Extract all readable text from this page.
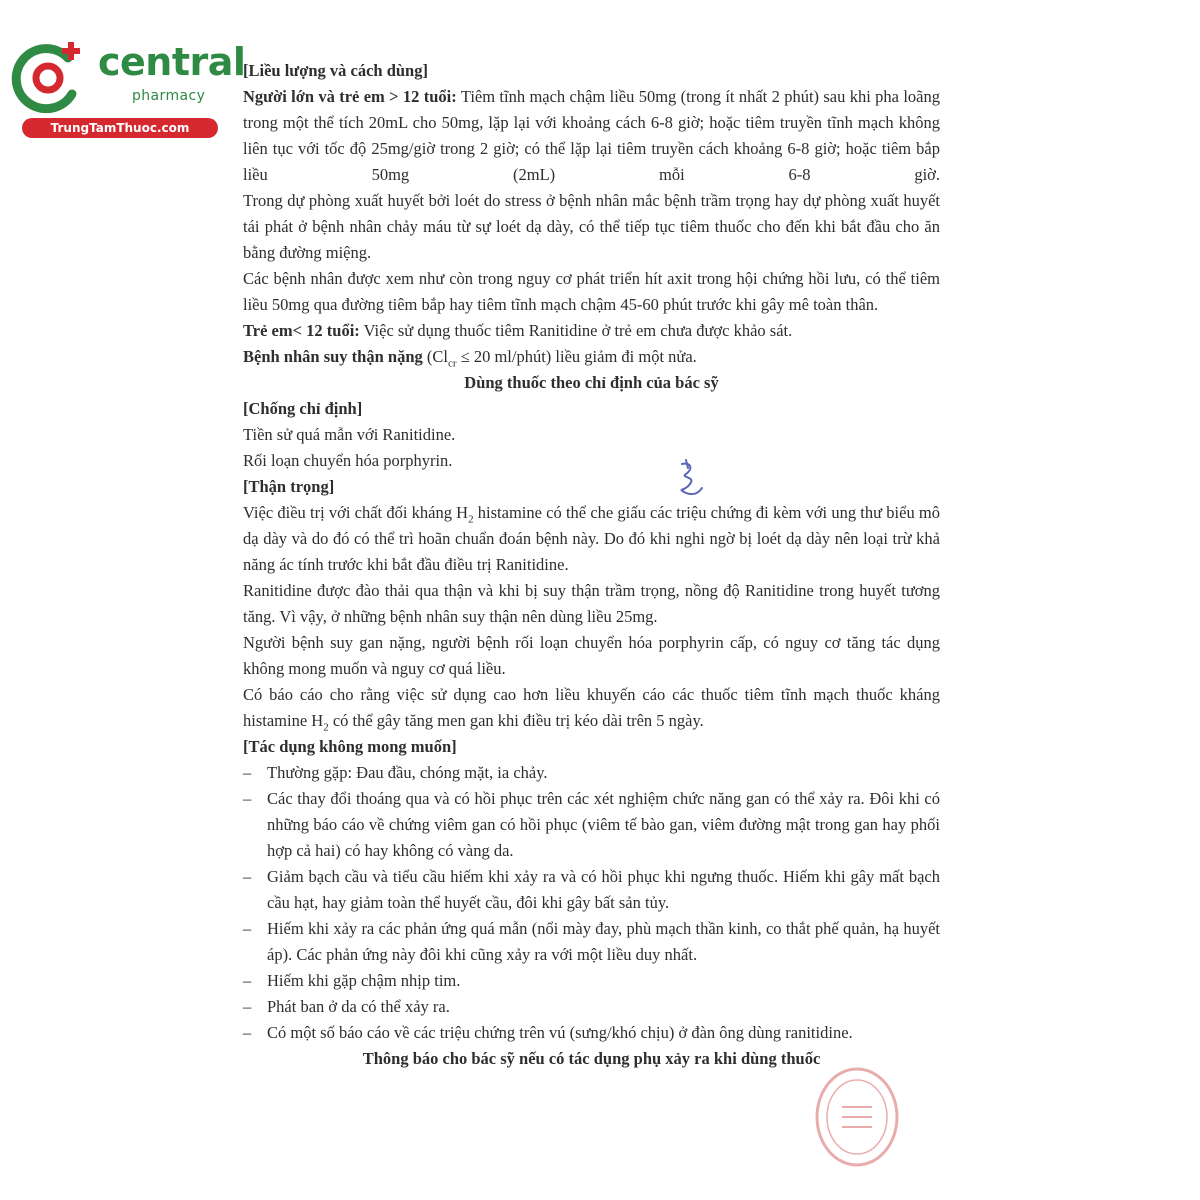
central
pharmacy
TrungTamThuoc.com

[Liều lượng và cách dùng]

Người lớn và trẻ em > 12 tuổi: Tiêm tĩnh mạch chậm liều 50mg (trong ít nhất 2 phút) sau khi pha loãng trong một thể tích 20mL cho 50mg, lặp lại với khoảng cách 6-8 giờ; hoặc tiêm truyền tĩnh mạch không liên tục với tốc độ 25mg/giờ trong 2 giờ; có thể lặp lại tiêm truyền cách khoảng 6-8 giờ; hoặc tiêm bắp liều 50mg (2mL) mỗi 6-8 giờ.

Trong dự phòng xuất huyết bởi loét do stress ở bệnh nhân mắc bệnh trầm trọng hay dự phòng xuất huyết tái phát ở bệnh nhân chảy máu từ sự loét dạ dày, có thể tiếp tục tiêm thuốc cho đến khi bắt đầu cho ăn bằng đường miệng.

Các bệnh nhân được xem như còn trong nguy cơ phát triển hít axit trong hội chứng hồi lưu, có thể tiêm liều 50mg qua đường tiêm bắp hay tiêm tĩnh mạch chậm 45-60 phút trước khi gây mê toàn thân.

Trẻ em< 12 tuổi: Việc sử dụng thuốc tiêm Ranitidine ở trẻ em chưa được khảo sát.

Bệnh nhân suy thận nặng ($Cl_{cr} \le 20$ ml/phút) liều giảm đi một nửa.

Dùng thuốc theo chỉ định của bác sỹ

[Chống chỉ định]

Tiền sử quá mẫn với Ranitidine.

Rối loạn chuyển hóa porphyrin.

[Thận trọng]

Việc điều trị với chất đối kháng $H_2$ histamine có thể che giấu các triệu chứng đi kèm với ung thư biểu mô dạ dày và do đó có thể trì hoãn chuẩn đoán bệnh này. Do đó khi nghi ngờ bị loét dạ dày nên loại trừ khả năng ác tính trước khi bắt đầu điều trị Ranitidine.

Ranitidine được đào thải qua thận và khi bị suy thận trầm trọng, nồng độ Ranitidine trong huyết tương tăng. Vì vậy, ở những bệnh nhân suy thận nên dùng liều 25mg.

Người bệnh suy gan nặng, người bệnh rối loạn chuyển hóa porphyrin cấp, có nguy cơ tăng tác dụng không mong muốn và nguy cơ quá liều.

Có báo cáo cho rằng việc sử dụng cao hơn liều khuyến cáo các thuốc tiêm tĩnh mạch thuốc kháng histamine $H_2$ có thể gây tăng men gan khi điều trị kéo dài trên 5 ngày.

[Tác dụng không mong muốn]

– Thường gặp: Đau đầu, chóng mặt, ia chảy.
– Các thay đổi thoáng qua và có hồi phục trên các xét nghiệm chức năng gan có thể xảy ra. Đôi khi có những báo cáo về chứng viêm gan có hồi phục (viêm tế bào gan, viêm đường mật trong gan hay phối hợp cả hai) có hay không có vàng da.
– Giảm bạch cầu và tiểu cầu hiếm khi xảy ra và có hồi phục khi ngưng thuốc. Hiếm khi gây mất bạch cầu hạt, hay giảm toàn thể huyết cầu, đôi khi gây bất sản tủy.
– Hiếm khi xảy ra các phản ứng quá mẫn (nổi mày đay, phù mạch thần kinh, co thắt phế quản, hạ huyết áp). Các phản ứng này đôi khi cũng xảy ra với một liều duy nhất.
– Hiếm khi gặp chậm nhịp tim.
– Phát ban ở da có thể xảy ra.
– Có một số báo cáo về các triệu chứng trên vú (sưng/khó chịu) ở đàn ông dùng ranitidine.

Thông báo cho bác sỹ nếu có tác dụng phụ xảy ra khi dùng thuốc
